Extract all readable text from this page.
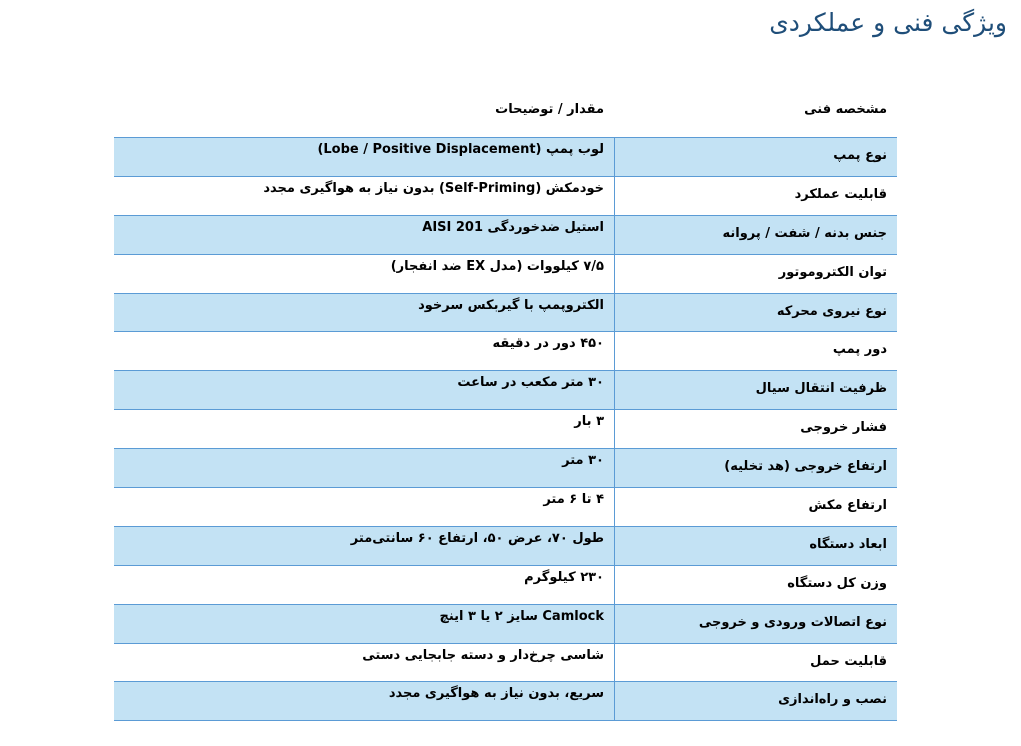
ویژگی فنی و عملکردی
مشخصه فنی
مقدار / توضیحات
نوع پمپ
لوب پمپ (Lobe / Positive Displacement)
قابلیت عملکرد
خودمکش (Self-Priming) بدون نیاز به هواگیری مجدد
جنس بدنه / شفت / پروانه
استیل ضدخوردگی AISI 201
توان الکتروموتور
۷/۵ کیلووات (مدل EX ضد انفجار)
نوع نیروی محرکه
الکتروپمپ با گیربکس سرخود
دور پمپ
۴۵۰ دور در دقیقه
ظرفیت انتقال سیال
۳۰ متر مکعب در ساعت
فشار خروجی
۳ بار
ارتفاع خروجی (هد تخلیه)
۳۰ متر
ارتفاع مکش
۴ تا ۶ متر
ابعاد دستگاه
طول ۷۰، عرض ۵۰، ارتفاع ۶۰ سانتی‌متر
وزن کل دستگاه
۲۳۰ کیلوگرم
نوع اتصالات ورودی و خروجی
Camlock سایز ۲ یا ۳ اینچ
قابلیت حمل
شاسی چرخ‌دار و دسته جابجایی دستی
نصب و راه‌اندازی
سریع، بدون نیاز به هواگیری مجدد
